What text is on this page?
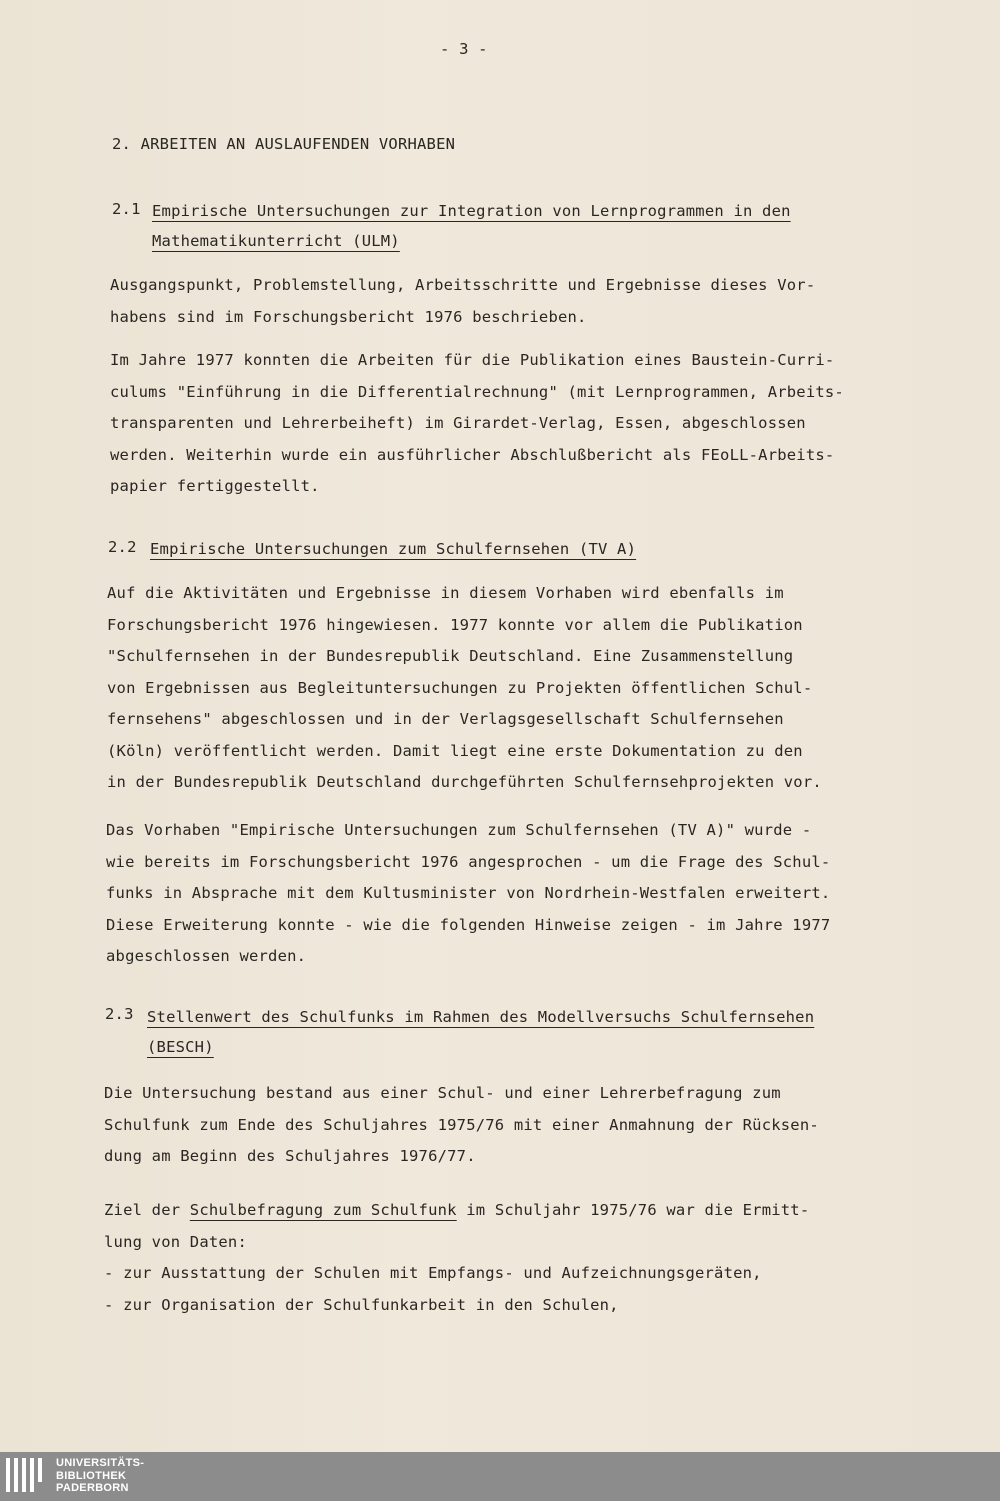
- 3 -
2. ARBEITEN AN AUSLAUFENDEN VORHABEN
2.1 Empirische Untersuchungen zur Integration von Lernprogrammen in den
Mathematikunterricht (ULM)
Ausgangspunkt, Problemstellung, Arbeitsschritte und Ergebnisse dieses Vor-
habens sind im Forschungsbericht 1976 beschrieben.
Im Jahre 1977 konnten die Arbeiten für die Publikation eines Baustein-Curri-
culums "Einführung in die Differentialrechnung" (mit Lernprogrammen, Arbeits-
transparenten und Lehrerbeiheft) im Girardet-Verlag, Essen, abgeschlossen
werden. Weiterhin wurde ein ausführlicher Abschlußbericht als FEoLL-Arbeits-
papier fertiggestellt.
2.2 Empirische Untersuchungen zum Schulfernsehen (TV A)
Auf die Aktivitäten und Ergebnisse in diesem Vorhaben wird ebenfalls im
Forschungsbericht 1976 hingewiesen. 1977 konnte vor allem die Publikation
"Schulfernsehen in der Bundesrepublik Deutschland. Eine Zusammenstellung
von Ergebnissen aus Begleituntersuchungen zu Projekten öffentlichen Schul-
fernsehens" abgeschlossen und in der Verlagsgesellschaft Schulfernsehen
(Köln) veröffentlicht werden. Damit liegt eine erste Dokumentation zu den
in der Bundesrepublik Deutschland durchgeführten Schulfernsehprojekten vor.
Das Vorhaben "Empirische Untersuchungen zum Schulfernsehen (TV A)" wurde -
wie bereits im Forschungsbericht 1976 angesprochen - um die Frage des Schul-
funks in Absprache mit dem Kultusminister von Nordrhein-Westfalen erweitert.
Diese Erweiterung konnte - wie die folgenden Hinweise zeigen - im Jahre 1977
abgeschlossen werden.
2.3 Stellenwert des Schulfunks im Rahmen des Modellversuchs Schulfernsehen
(BESCH)
Die Untersuchung bestand aus einer Schul- und einer Lehrerbefragung zum
Schulfunk zum Ende des Schuljahres 1975/76 mit einer Anmahnung der Rücksen-
dung am Beginn des Schuljahres 1976/77.
Ziel der Schulbefragung zum Schulfunk im Schuljahr 1975/76 war die Ermitt-
lung von Daten:
- zur Ausstattung der Schulen mit Empfangs- und Aufzeichnungsgeräten,
- zur Organisation der Schulfunkarbeit in den Schulen,
UNIVERSITÄTS-
BIBLIOTHEK
PADERBORN
